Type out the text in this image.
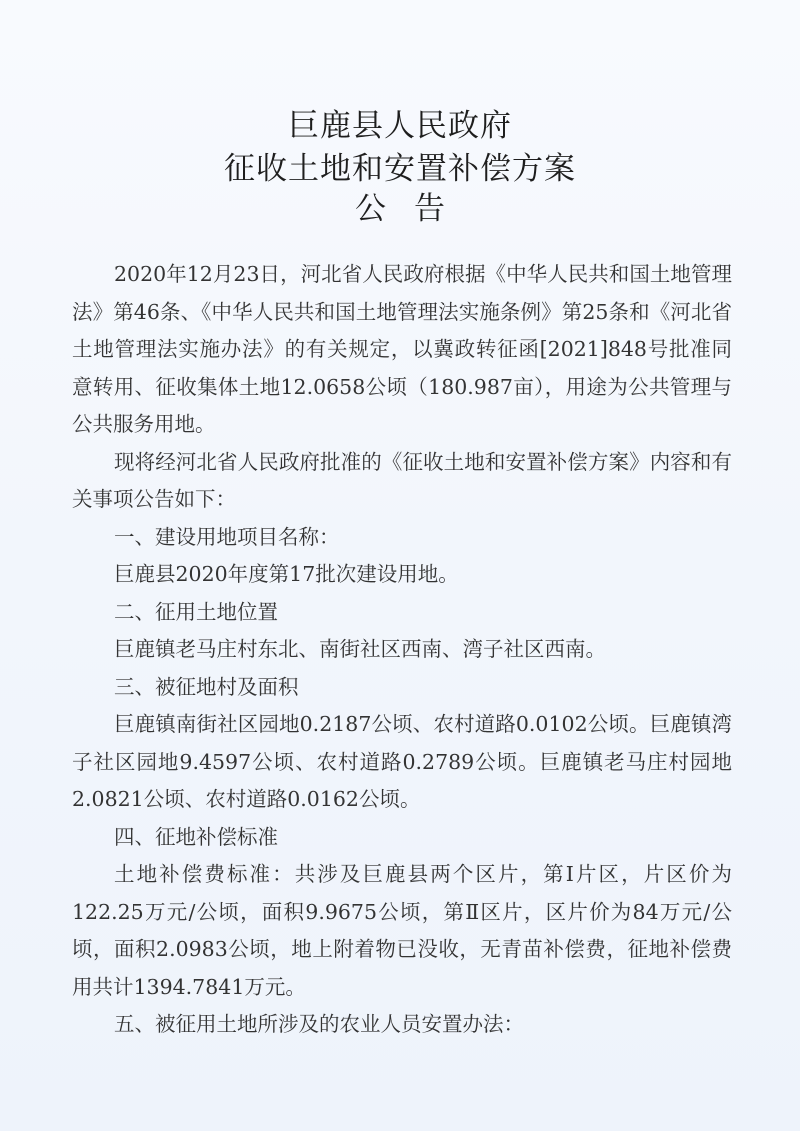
巨鹿县人民政府
征收土地和安置补偿方案
公告

2020年12月23日，河北省人民政府根据《中华人民共和国土地管理法》第46条、《中华人民共和国土地管理法实施条例》第25条和《河北省土地管理法实施办法》的有关规定，以冀政转征函[2021]848号批准同意转用、征收集体土地12.0658公顷（180.987亩），用途为公共管理与公共服务用地。

现将经河北省人民政府批准的《征收土地和安置补偿方案》内容和有关事项公告如下：

一、建设用地项目名称：

巨鹿县2020年度第17批次建设用地。

二、征用土地位置

巨鹿镇老马庄村东北、南街社区西南、湾子社区西南。

三、被征地村及面积

巨鹿镇南街社区园地0.2187公顷、农村道路0.0102公顷。巨鹿镇湾子社区园地9.4597公顷、农村道路0.2789公顷。巨鹿镇老马庄村园地2.0821公顷、农村道路0.0162公顷。

四、征地补偿标准

土地补偿费标准：共涉及巨鹿县两个区片，第Ⅰ片区，片区价为122.25万元/公顷，面积9.9675公顷，第Ⅱ区片，区片价为84万元/公顷，面积2.0983公顷，地上附着物已没收，无青苗补偿费，征地补偿费用共计1394.7841万元。

五、被征用土地所涉及的农业人员安置办法：
